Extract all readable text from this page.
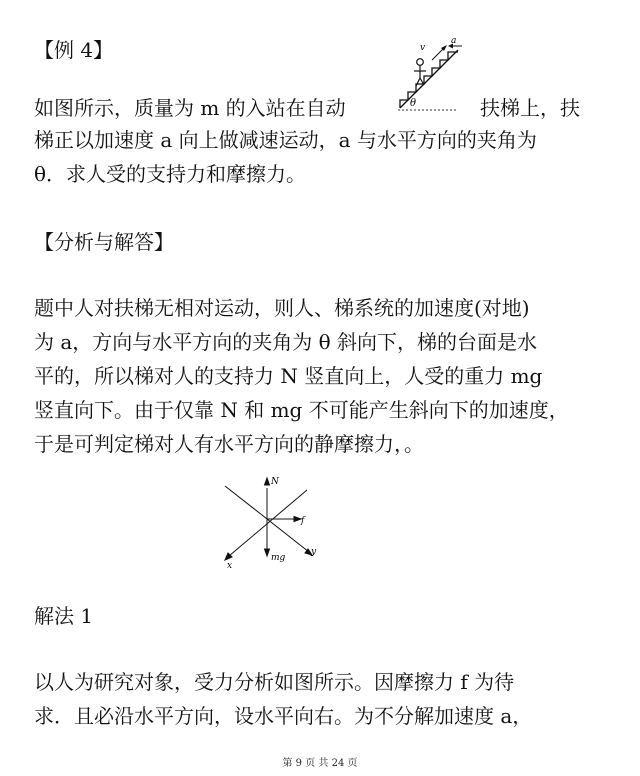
【例 4】	v
a
θ
如图所示，质量为 m 的入站在自动	扶梯上，扶
梯正以加速度 a 向上做减速运动，a 与水平方向的夹角为
θ．求人受的支持力和摩擦力。
【分析与解答】
题中人对扶梯无相对运动，则人、梯系统的加速度(对地)
为 a，方向与水平方向的夹角为 θ 斜向下，梯的台面是水
平的，所以梯对人的支持力 N 竖直向上，人受的重力 mg
竖直向下。由于仅靠 N 和 mg 不可能产生斜向下的加速度，
于是可判定梯对人有水平方向的静摩擦力，。
N
f
mg
x
y
解法 1
以人为研究对象，受力分析如图所示。因摩擦力 f 为待
求．且必沿水平方向，设水平向右。为不分解加速度 a，
第 9 页 共 24 页
